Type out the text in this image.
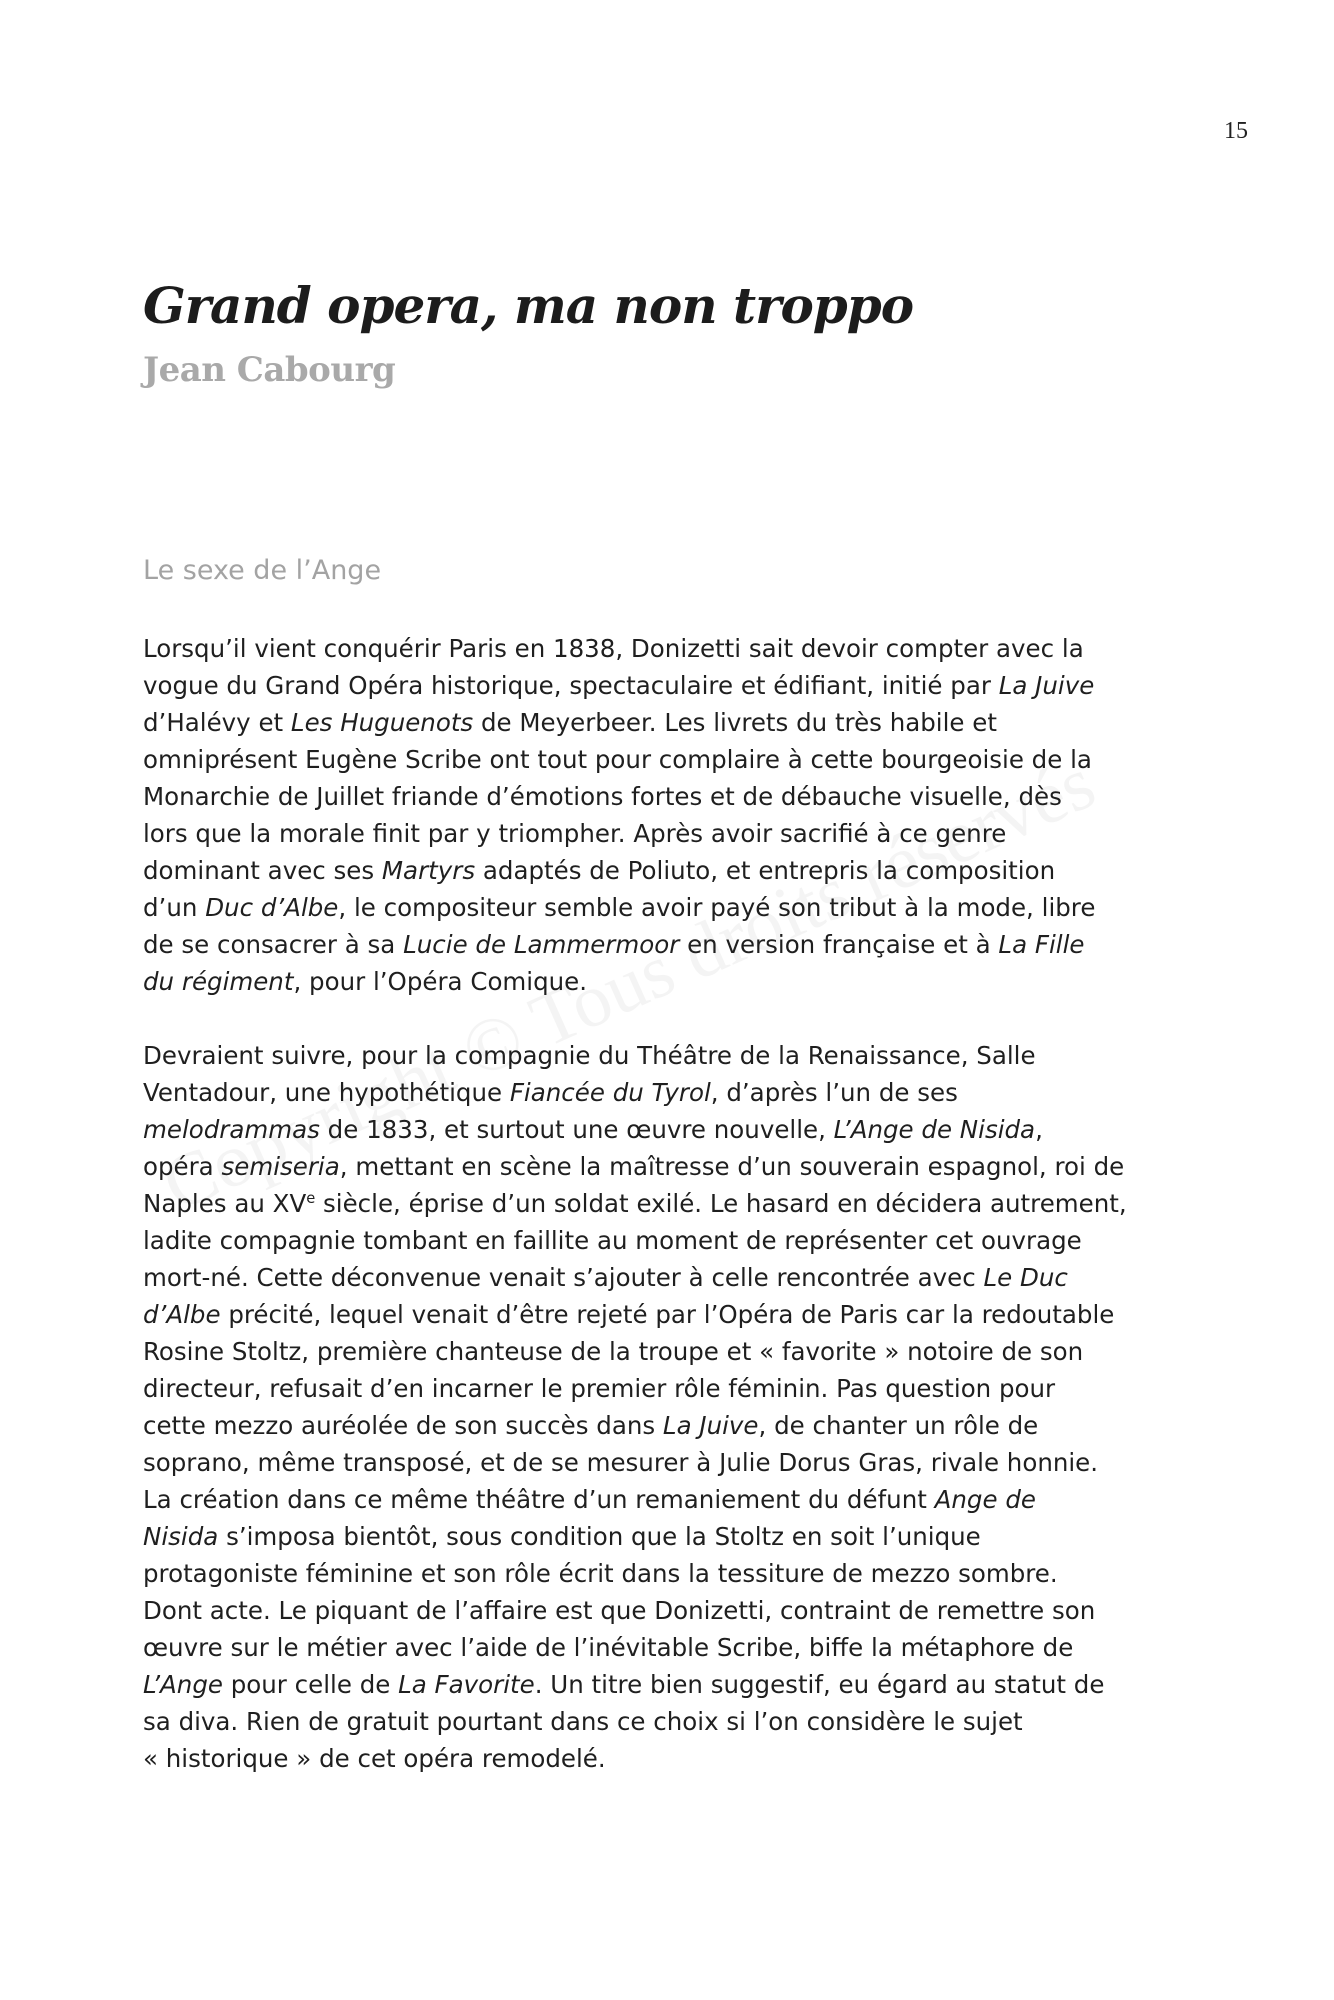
15
Grand opera, ma non troppo
Jean Cabourg
Le sexe de l’Ange

Lorsqu’il vient conquérir Paris en 1838, Donizetti sait devoir compter avec la
vogue du Grand Opéra historique, spectaculaire et édifiant, initié par La Juive
d’Halévy et Les Huguenots de Meyerbeer. Les livrets du très habile et
omniprésent Eugène Scribe ont tout pour complaire à cette bourgeoisie de la
Monarchie de Juillet friande d’émotions fortes et de débauche visuelle, dès
lors que la morale finit par y triompher. Après avoir sacrifié à ce genre
dominant avec ses Martyrs adaptés de Poliuto, et entrepris la composition
d’un Duc d’Albe, le compositeur semble avoir payé son tribut à la mode, libre
de se consacrer à sa Lucie de Lammermoor en version française et à La Fille
du régiment, pour l’Opéra Comique.

Devraient suivre, pour la compagnie du Théâtre de la Renaissance, Salle
Ventadour, une hypothétique Fiancée du Tyrol, d’après l’un de ses
melodrammas de 1833, et surtout une œuvre nouvelle, L’Ange de Nisida,
opéra semiseria, mettant en scène la maîtresse d’un souverain espagnol, roi de
Naples au XVe siècle, éprise d’un soldat exilé. Le hasard en décidera autrement,
ladite compagnie tombant en faillite au moment de représenter cet ouvrage
mort-né. Cette déconvenue venait s’ajouter à celle rencontrée avec Le Duc
d’Albe précité, lequel venait d’être rejeté par l’Opéra de Paris car la redoutable
Rosine Stoltz, première chanteuse de la troupe et « favorite » notoire de son
directeur, refusait d’en incarner le premier rôle féminin. Pas question pour
cette mezzo auréolée de son succès dans La Juive, de chanter un rôle de
soprano, même transposé, et de se mesurer à Julie Dorus Gras, rivale honnie.
La création dans ce même théâtre d’un remaniement du défunt Ange de
Nisida s’imposa bientôt, sous condition que la Stoltz en soit l’unique
protagoniste féminine et son rôle écrit dans la tessiture de mezzo sombre.
Dont acte. Le piquant de l’affaire est que Donizetti, contraint de remettre son
œuvre sur le métier avec l’aide de l’inévitable Scribe, biffe la métaphore de
L’Ange pour celle de La Favorite. Un titre bien suggestif, eu égard au statut de
sa diva. Rien de gratuit pourtant dans ce choix si l’on considère le sujet
« historique » de cet opéra remodelé.
